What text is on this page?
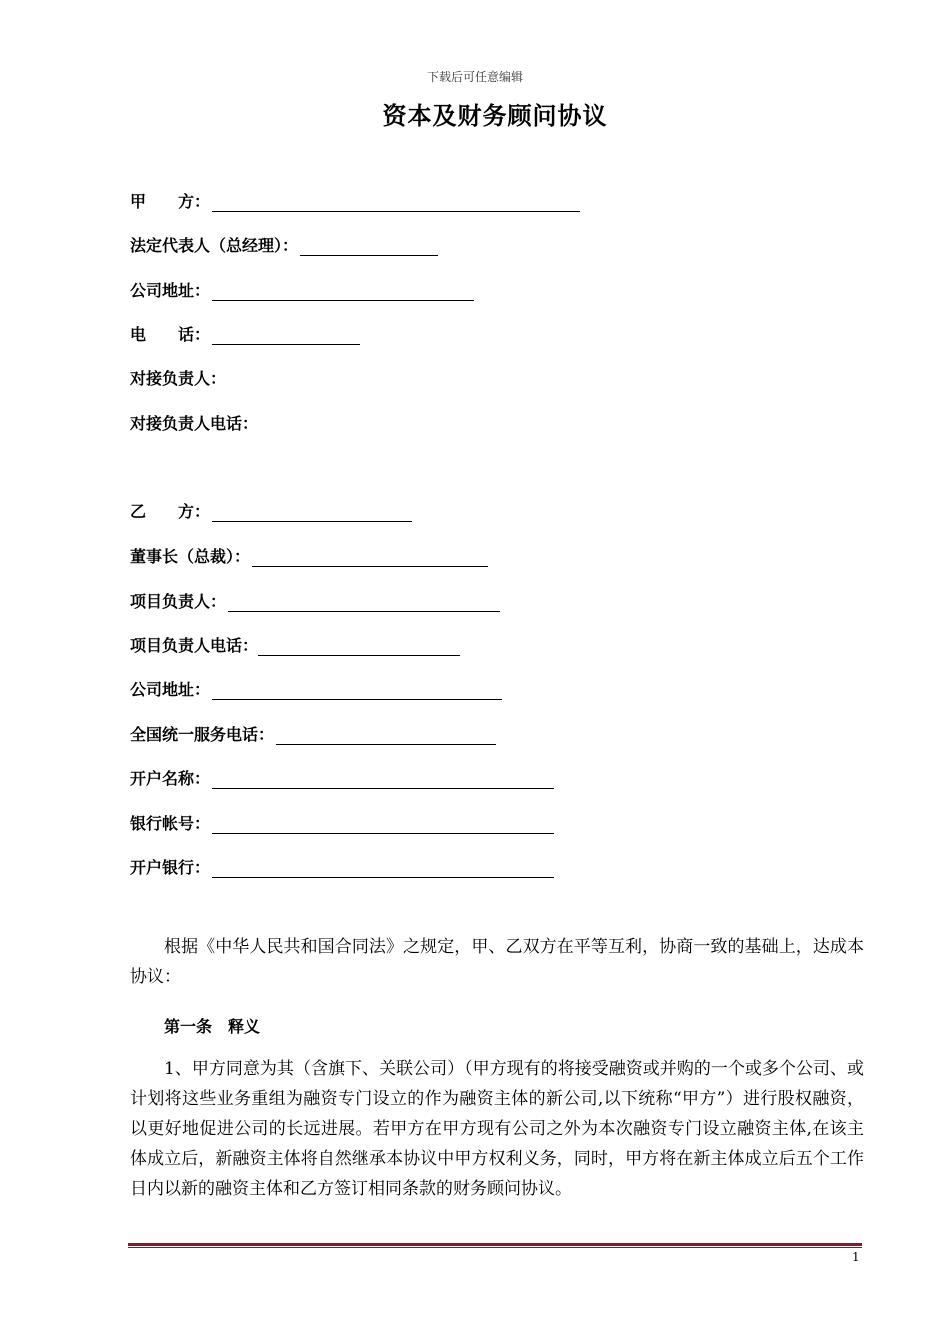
下载后可任意编辑
资本及财务顾问协议
甲　　方：
法定代表人（总经理）：
公司地址：
电　　话：
对接负责人：
对接负责人电话：
乙　　方：
董事长（总裁）：
项目负责人：
项目负责人电话：
公司地址：
全国统一服务电话：
开户名称：
银行帐号：
开户银行：
根据《中华人民共和国合同法》之规定，甲、乙双方在平等互利，协商一致的基础上，达成本协议：
第一条　释义
1、甲方同意为其（含旗下、关联公司）（甲方现有的将接受融资或并购的一个或多个公司、或计划将这些业务重组为融资专门设立的作为融资主体的新公司,以下统称“甲方”）进行股权融资，以更好地促进公司的长远进展。若甲方在甲方现有公司之外为本次融资专门设立融资主体,在该主体成立后，新融资主体将自然继承本协议中甲方权利义务，同时，甲方将在新主体成立后五个工作日内以新的融资主体和乙方签订相同条款的财务顾问协议。
1
